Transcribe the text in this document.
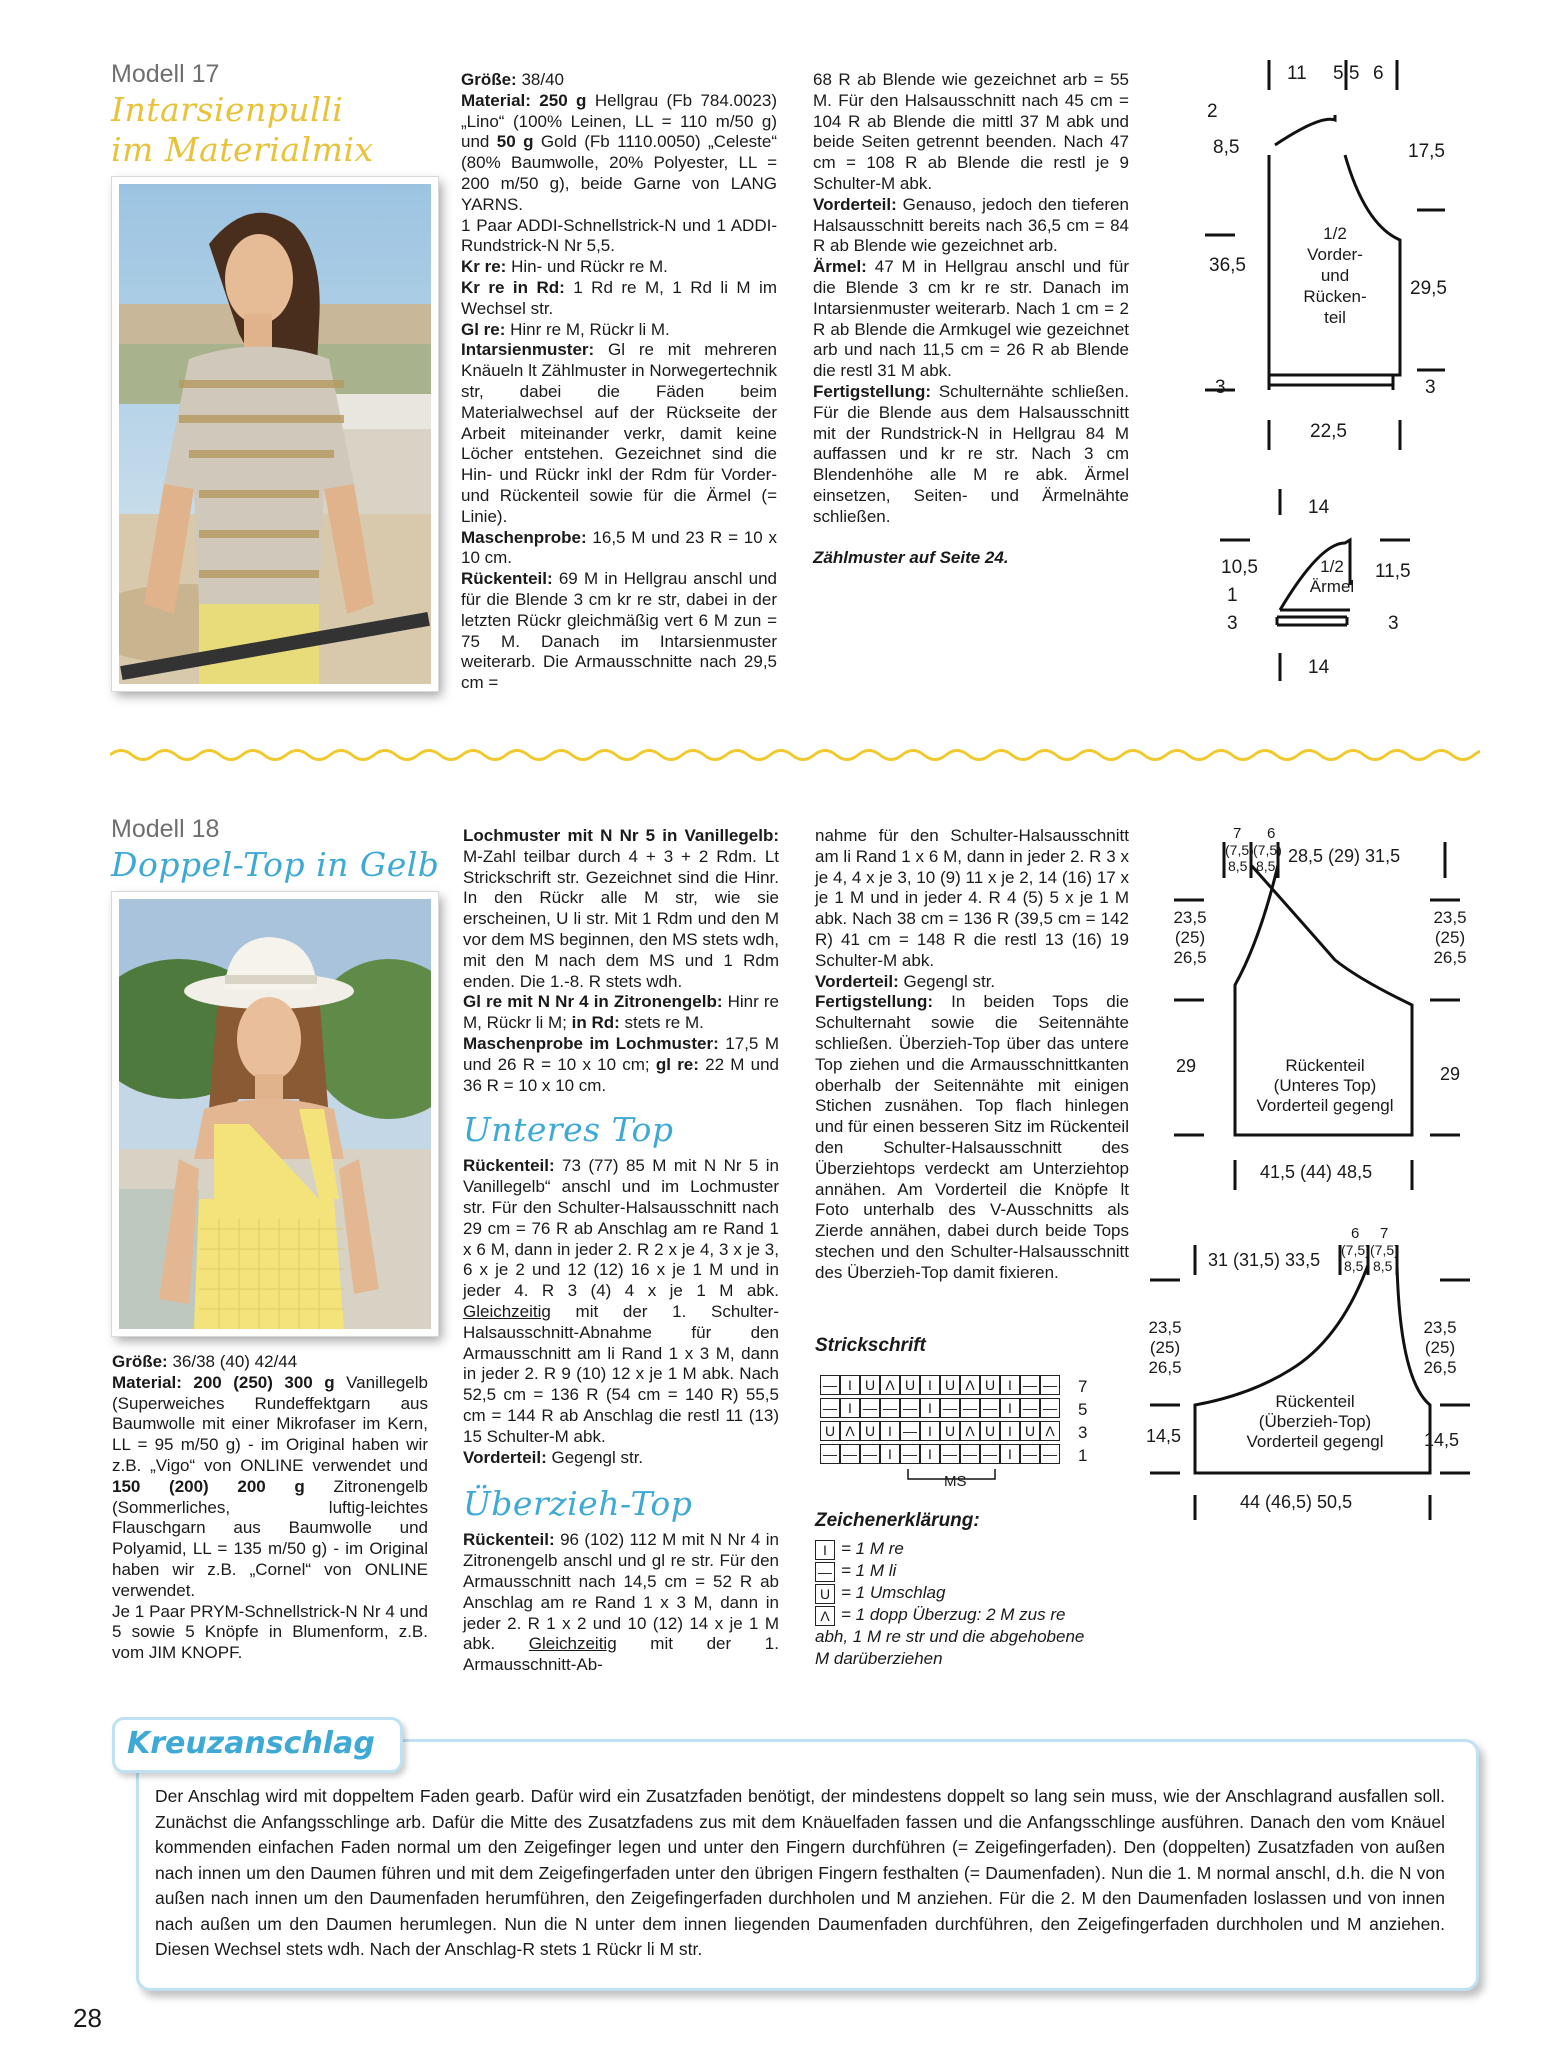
Modell 17
Intarsienpulli
im Materialmix

Größe: 38/40

Material: 250 g Hellgrau (Fb 784.0023) „Lino“ (100% Leinen, LL = 110 m/50 g) und 50 g Gold (Fb 1110.0050) „Celeste“ (80% Baumwolle, 20% Polyester, LL = 200 m/50 g), beide Garne von LANG YARNS.

1 Paar ADDI-Schnellstrick-N und 1 ADDI-Rundstrick-N Nr 5,5.

Kr re: Hin- und Rückr re M.

Kr re in Rd: 1 Rd re M, 1 Rd li M im Wechsel str.

Gl re: Hinr re M, Rückr li M.

Intarsienmuster: Gl re mit mehreren Knäueln lt Zählmuster in Norwegertechnik str, dabei die Fäden beim Materialwechsel auf der Rückseite der Arbeit miteinander verkr, damit keine Löcher entstehen. Gezeichnet sind die Hin- und Rückr inkl der Rdm für Vorder- und Rückenteil sowie für die Ärmel (= Linie).

Maschenprobe: 16,5 M und 23 R = 10 x 10 cm.

Rückenteil: 69 M in Hellgrau anschl und für die Blende 3 cm kr re str, dabei in der letzten Rückr gleichmäßig vert 6 M zun = 75 M. Danach im Intarsienmuster weiterarb. Die Armausschnitte nach 29,5 cm =

68 R ab Blende wie gezeichnet arb = 55 M. Für den Halsausschnitt nach 45 cm = 104 R ab Blende die mittl 37 M abk und beide Seiten getrennt beenden. Nach 47 cm = 108 R ab Blende die restl je 9 Schulter-M abk.

Vorderteil: Genauso, jedoch den tieferen Halsausschnitt bereits nach 36,5 cm = 84 R ab Blende wie gezeichnet arb.

Ärmel: 47 M in Hellgrau anschl und für die Blende 3 cm kr re str. Danach im Intarsienmuster weiterarb. Nach 1 cm = 2 R ab Blende die Armkugel wie gezeichnet arb und nach 11,5 cm = 26 R ab Blende die restl 31 M abk.

Fertigstellung: Schulternähte schließen. Für die Blende aus dem Halsausschnitt mit der Rundstrick-N in Hellgrau 84 M auffassen und kr re str. Nach 3 cm Blendenhöhe alle M re abk. Ärmel einsetzen, Seiten- und Ärmelnähte schließen.

Zählmuster auf Seite 24.

11 5,5 6
2
8,5
36,5
3
17,5
29,5
3
22,5
1/2
Vorder-
und
Rücken-
teil
14
10,5
1
3
11,5
3
14
1/2
Ärmel
Modell 18
Doppel-Top in Gelb

Größe: 36/38 (40) 42/44

Material: 200 (250) 300 g Vanillegelb (Superweiches Rundeffektgarn aus Baumwolle mit einer Mikrofaser im Kern, LL = 95 m/50 g) - im Original haben wir z.B. „Vigo“ von ONLINE verwendet und 150 (200) 200 g Zitronengelb (Sommerliches, luftig-leichtes Flauschgarn aus Baumwolle und Polyamid, LL = 135 m/50 g) - im Original haben wir z.B. „Cornel“ von ONLINE verwendet.

Je 1 Paar PRYM-Schnellstrick-N Nr 4 und 5 sowie 5 Knöpfe in Blumenform, z.B. vom JIM KNOPF.

Lochmuster mit N Nr 5 in Vanillegelb: M-Zahl teilbar durch 4 + 3 + 2 Rdm. Lt Strickschrift str. Gezeichnet sind die Hinr. In den Rückr alle M str, wie sie erscheinen, U li str. Mit 1 Rdm und den M vor dem MS beginnen, den MS stets wdh, mit den M nach dem MS und 1 Rdm enden. Die 1.-8. R stets wdh.

Gl re mit N Nr 4 in Zitronengelb: Hinr re M, Rückr li M; in Rd: stets re M.

Maschenprobe im Lochmuster: 17,5 M und 26 R = 10 x 10 cm; gl re: 22 M und 36 R = 10 x 10 cm.

Unteres Top

Rückenteil: 73 (77) 85 M mit N Nr 5 in Vanillegelb“ anschl und im Lochmuster str. Für den Schulter-Halsausschnitt nach 29 cm = 76 R ab Anschlag am re Rand 1 x 6 M, dann in jeder 2. R 2 x je 4, 3 x je 3, 6 x je 2 und 12 (12) 16 x je 1 M und in jeder 4. R 3 (4) 4 x je 1 M abk. Gleichzeitig mit der 1. Schulter-Halsausschnitt-Abnahme für den Armausschnitt am li Rand 1 x 3 M, dann in jeder 2. R 9 (10) 12 x je 1 M abk. Nach 52,5 cm = 136 R (54 cm = 140 R) 55,5 cm = 144 R ab Anschlag die restl 11 (13) 15 Schulter-M abk.

Vorderteil: Gegengl str.

Überzieh-Top

Rückenteil: 96 (102) 112 M mit N Nr 4 in Zitronengelb anschl und gl re str. Für den Armausschnitt nach 14,5 cm = 52 R ab Anschlag am re Rand 1 x 3 M, dann in jeder 2. R 1 x 2 und 10 (12) 14 x je 1 M abk. Gleichzeitig mit der 1. Armausschnitt-Ab-

nahme für den Schulter-Halsausschnitt am li Rand 1 x 6 M, dann in jeder 2. R 3 x je 4, 4 x je 3, 10 (9) 11 x je 2, 14 (16) 17 x je 1 M und in jeder 4. R 4 (5) 5 x je 1 M abk. Nach 38 cm = 136 R (39,5 cm = 142 R) 41 cm = 148 R die restl 13 (16) 19 Schulter-M abk.

Vorderteil: Gegengl str.

Fertigstellung: In beiden Tops die Schulternaht sowie die Seitennähte schließen. Überzieh-Top über das untere Top ziehen und die Armausschnittkanten oberhalb der Seitennähte mit einigen Stichen zusnähen. Top flach hinlegen und für einen besseren Sitz im Rückenteil den Schulter-Halsausschnitt des Überziehtops verdeckt am Unterziehtop annähen. Am Vorderteil die Knöpfe lt Foto unterhalb des V-Ausschnitts als Zierde annähen, dabei durch beide Tops stechen und den Schulter-Halsausschnitt des Überzieh-Top damit fixieren.

Strickschrift
— I U Λ U I U Λ U I — —
— I — — — I — — — I — —
U Λ U I — I U Λ U I U Λ
— — — I — I — — — I — —
7
5
3
1
MS
Zeichenerklärung:
I = 1 M re
— = 1 M li
U = 1 Umschlag
Λ = 1 dopp Überzug: 2 M zus re abh, 1 M re str und die abgehobene M darüberziehen
7 6
(7,5) (7,5)
8,5 8,5 28,5 (29) 31,5
23,5
(25)
26,5
23,5
(25)
26,5
29	29
Rückenteil
(Unteres Top)
Vorderteil gegengl
41,5 (44) 48,5
31 (31,5) 33,5
6 7
(7,5) (7,5)
8,5 8,5
23,5
(25)
26,5
23,5
(25)
26,5
14,5	14,5
Rückenteil
(Überzieh-Top)
Vorderteil gegengl
44 (46,5) 50,5
Der Anschlag wird mit doppeltem Faden gearb. Dafür wird ein Zusatzfaden benötigt, der mindestens doppelt so lang sein muss, wie der Anschlagrand ausfallen soll. Zunächst die Anfangsschlinge arb. Dafür die Mitte des Zusatzfadens zus mit dem Knäuelfaden fassen und die Anfangsschlinge ausführen. Danach den vom Knäuel kommenden einfachen Faden normal um den Zeigefinger legen und unter den Fingern durchführen (= Zeigefingerfaden). Den (doppelten) Zusatzfaden von außen nach innen um den Daumen führen und mit dem Zeigefingerfaden unter den übrigen Fingern festhalten (= Daumenfaden). Nun die 1. M normal anschl, d.h. die N von außen nach innen um den Daumenfaden herumführen, den Zeigefingerfaden durchholen und M anziehen. Für die 2. M den Daumenfaden loslassen und von innen nach außen um den Daumen herumlegen. Nun die N unter dem innen liegenden Daumenfaden durchführen, den Zeigefingerfaden durchholen und M anziehen. Diesen Wechsel stets wdh. Nach der Anschlag-R stets 1 Rückr li M str.
Kreuzanschlag
28
